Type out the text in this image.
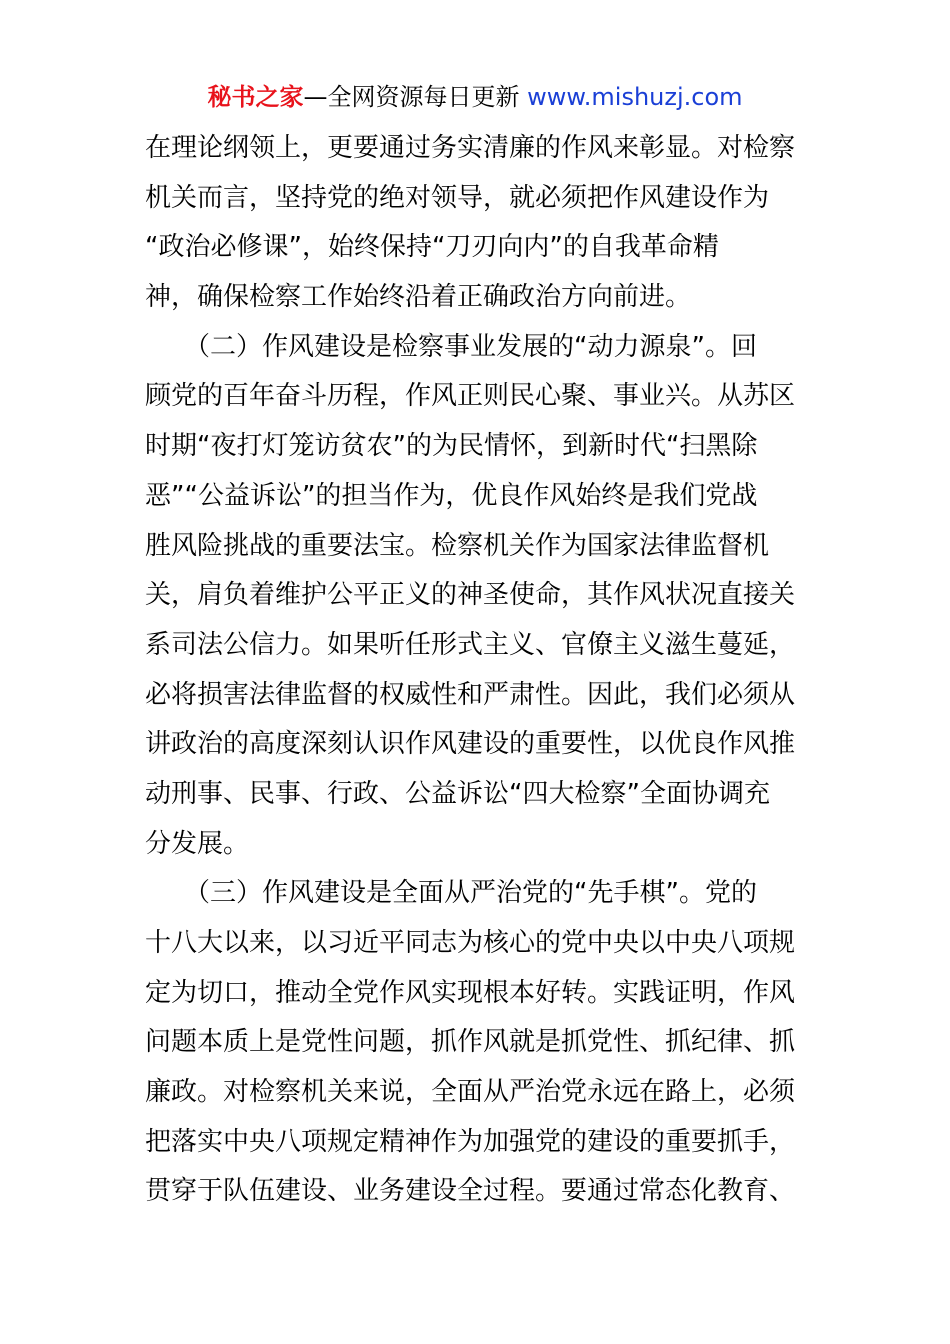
秘书之家—全网资源每日更新 www.mishuzj.com
在理论纲领上，更要通过务实清廉的作风来彰显。对检察
机关而言，坚持党的绝对领导，就必须把作风建设作为
“政治必修课”，始终保持“刀刃向内”的自我革命精
神，确保检察工作始终沿着正确政治方向前进。
　　（二）作风建设是检察事业发展的“动力源泉”。回
顾党的百年奋斗历程，作风正则民心聚、事业兴。从苏区
时期“夜打灯笼访贫农”的为民情怀，到新时代“扫黑除
恶”“公益诉讼”的担当作为，优良作风始终是我们党战
胜风险挑战的重要法宝。检察机关作为国家法律监督机
关，肩负着维护公平正义的神圣使命，其作风状况直接关
系司法公信力。如果听任形式主义、官僚主义滋生蔓延，
必将损害法律监督的权威性和严肃性。因此，我们必须从
讲政治的高度深刻认识作风建设的重要性，以优良作风推
动刑事、民事、行政、公益诉讼“四大检察”全面协调充
分发展。
　　（三）作风建设是全面从严治党的“先手棋”。党的
十八大以来，以习近平同志为核心的党中央以中央八项规
定为切口，推动全党作风实现根本好转。实践证明，作风
问题本质上是党性问题，抓作风就是抓党性、抓纪律、抓
廉政。对检察机关来说，全面从严治党永远在路上，必须
把落实中央八项规定精神作为加强党的建设的重要抓手，
贯穿于队伍建设、业务建设全过程。要通过常态化教育、
